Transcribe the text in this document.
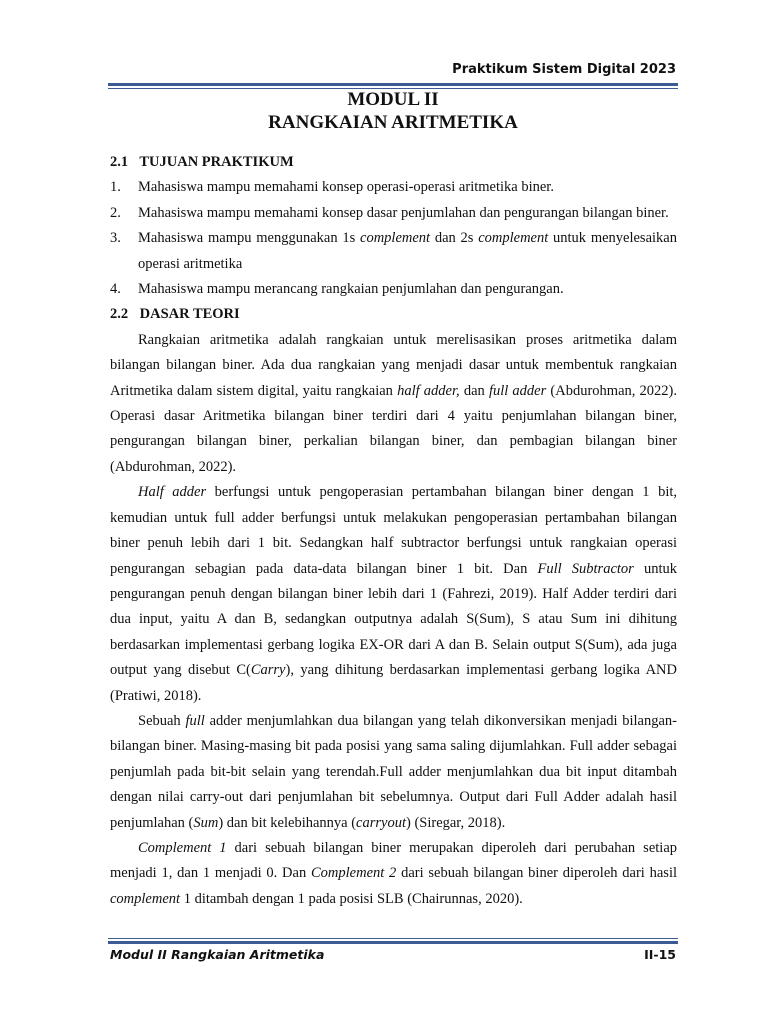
Praktikum Sistem Digital 2023
MODUL II
RANGKAIAN ARITMETIKA
2.1 TUJUAN PRAKTIKUM
1.	Mahasiswa mampu memahami konsep operasi-operasi aritmetika biner.
2.	Mahasiswa mampu memahami konsep dasar penjumlahan dan pengurangan bilangan biner.
3.	Mahasiswa mampu menggunakan 1s complement dan 2s complement untuk menyelesaikan operasi aritmetika
4.	Mahasiswa mampu merancang rangkaian penjumlahan dan pengurangan.
2.2 DASAR TEORI

Rangkaian aritmetika adalah rangkaian untuk merelisasikan proses aritmetika dalam bilangan bilangan biner. Ada dua rangkaian yang menjadi dasar untuk membentuk rangkaian Aritmetika dalam sistem digital, yaitu rangkaian half adder, dan full adder (Abdurohman, 2022). Operasi dasar Aritmetika bilangan biner terdiri dari 4 yaitu penjumlahan bilangan biner, pengurangan bilangan biner, perkalian bilangan biner, dan pembagian bilangan biner (Abdurohman, 2022).

Half adder berfungsi untuk pengoperasian pertambahan bilangan biner dengan 1 bit, kemudian untuk full adder berfungsi untuk melakukan pengoperasian pertambahan bilangan biner penuh lebih dari 1 bit. Sedangkan half subtractor berfungsi untuk rangkaian operasi pengurangan sebagian pada data-data bilangan biner 1 bit. Dan Full Subtractor untuk pengurangan penuh dengan bilangan biner lebih dari 1 (Fahrezi, 2019). Half Adder terdiri dari dua input, yaitu A dan B, sedangkan outputnya adalah S(Sum), S atau Sum ini dihitung berdasarkan implementasi gerbang logika EX-OR dari A dan B. Selain output S(Sum), ada juga output yang disebut C(Carry), yang dihitung berdasarkan implementasi gerbang logika AND (Pratiwi, 2018).

Sebuah full adder menjumlahkan dua bilangan yang telah dikonversikan menjadi bilangan- bilangan biner. Masing-masing bit pada posisi yang sama saling dijumlahkan. Full adder sebagai penjumlah pada bit-bit selain yang terendah.Full adder menjumlahkan dua bit input ditambah dengan nilai carry-out dari penjumlahan bit sebelumnya. Output dari Full Adder adalah hasil penjumlahan (Sum) dan bit kelebihannya (carryout) (Siregar, 2018).

Complement 1 dari sebuah bilangan biner merupakan diperoleh dari perubahan setiap menjadi 1, dan 1 menjadi 0. Dan Complement 2 dari sebuah bilangan biner diperoleh dari hasil complement 1 ditambah dengan 1 pada posisi SLB (Chairunnas, 2020).

Modul II Rangkaian Aritmetika	II-15
